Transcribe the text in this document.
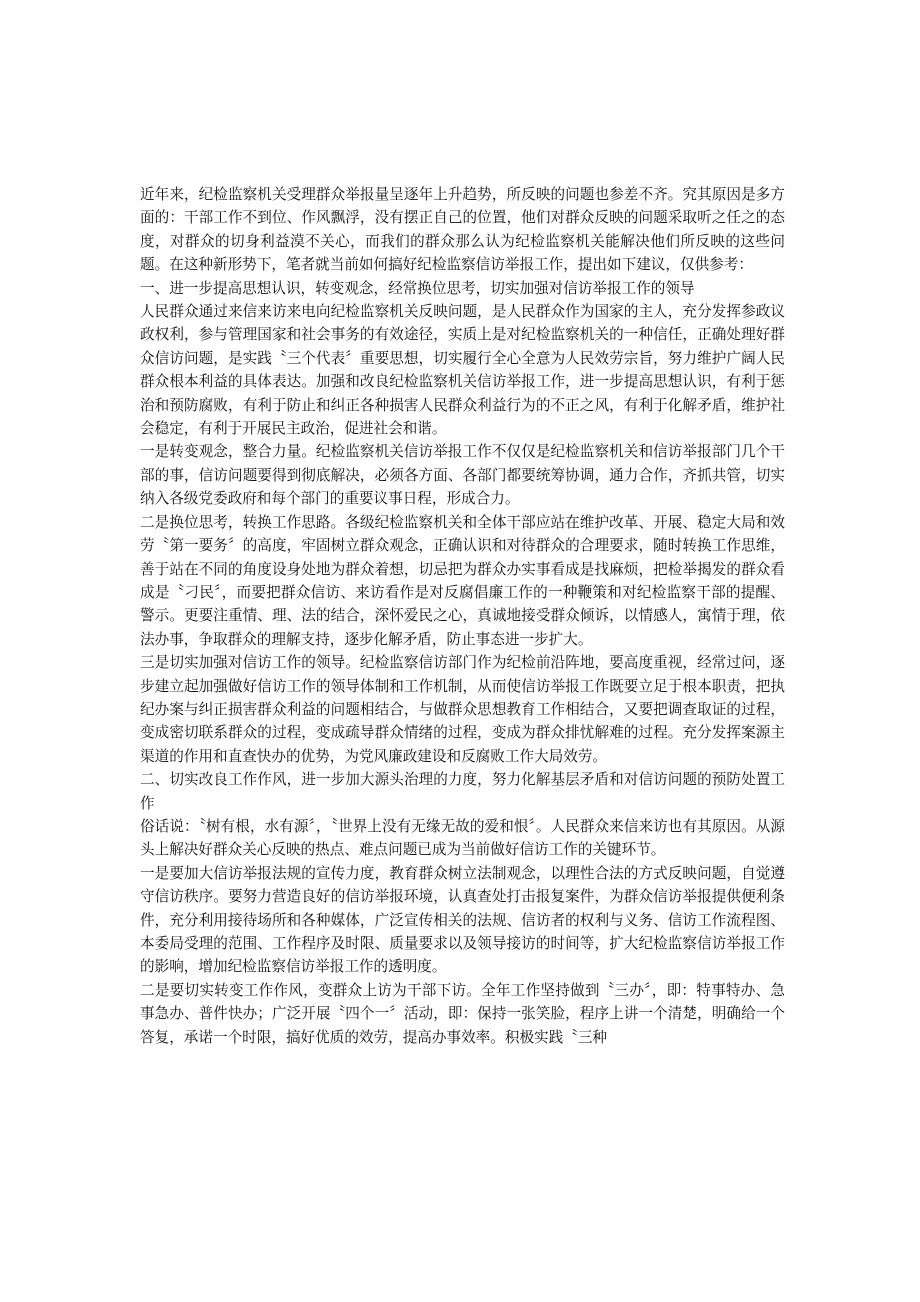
近年来，纪检监察机关受理群众举报量呈逐年上升趋势，所反映的问题也参差不齐。究其原因是多方面的：干部工作不到位、作风飘浮，没有摆正自己的位置，他们对群众反映的问题采取听之任之的态度，对群众的切身利益漠不关心，而我们的群众那么认为纪检监察机关能解决他们所反映的这些问题。在这种新形势下，笔者就当前如何搞好纪检监察信访举报工作，提出如下建议，仅供参考：

一、进一步提高思想认识，转变观念，经常换位思考，切实加强对信访举报工作的领导

人民群众通过来信来访来电向纪检监察机关反映问题，是人民群众作为国家的主人，充分发挥参政议政权利，参与管理国家和社会事务的有效途径，实质上是对纪检监察机关的一种信任，正确处理好群众信访问题，是实践〝三个代表〞重要思想，切实履行全心全意为人民效劳宗旨，努力维护广阔人民群众根本利益的具体表达。加强和改良纪检监察机关信访举报工作，进一步提高思想认识，有利于惩治和预防腐败，有利于防止和纠正各种损害人民群众利益行为的不正之风，有利于化解矛盾，维护社会稳定，有利于开展民主政治，促进社会和谐。

一是转变观念，整合力量。纪检监察机关信访举报工作不仅仅是纪检监察机关和信访举报部门几个干部的事，信访问题要得到彻底解决，必须各方面、各部门都要统筹协调，通力合作，齐抓共管，切实纳入各级党委政府和每个部门的重要议事日程，形成合力。

二是换位思考，转换工作思路。各级纪检监察机关和全体干部应站在维护改革、开展、稳定大局和效劳〝第一要务〞的高度，牢固树立群众观念，正确认识和对待群众的合理要求，随时转换工作思维，善于站在不同的角度设身处地为群众着想，切忌把为群众办实事看成是找麻烦，把检举揭发的群众看成是〝刁民〞，而要把群众信访、来访看作是对反腐倡廉工作的一种鞭策和对纪检监察干部的提醒、警示。更要注重情、理、法的结合，深怀爱民之心，真诚地接受群众倾诉，以情感人，寓情于理，依法办事，争取群众的理解支持，逐步化解矛盾，防止事态进一步扩大。

三是切实加强对信访工作的领导。纪检监察信访部门作为纪检前沿阵地，要高度重视，经常过问，逐步建立起加强做好信访工作的领导体制和工作机制，从而使信访举报工作既要立足于根本职责，把执纪办案与纠正损害群众利益的问题相结合，与做群众思想教育工作相结合，又要把调查取证的过程，变成密切联系群众的过程，变成疏导群众情绪的过程，变成为群众排忧解难的过程。充分发挥案源主渠道的作用和直查快办的优势，为党风廉政建设和反腐败工作大局效劳。

二、切实改良工作作风，进一步加大源头治理的力度，努力化解基层矛盾和对信访问题的预防处置工作

俗话说：〝树有根，水有源〞，〝世界上没有无缘无故的爱和恨〞。人民群众来信来访也有其原因。从源头上解决好群众关心反映的热点、难点问题已成为当前做好信访工作的关键环节。

一是要加大信访举报法规的宣传力度，教育群众树立法制观念，以理性合法的方式反映问题，自觉遵守信访秩序。要努力营造良好的信访举报环境，认真查处打击报复案件，为群众信访举报提供便利条件，充分利用接待场所和各种媒体，广泛宣传相关的法规、信访者的权利与义务、信访工作流程图、本委局受理的范围、工作程序及时限、质量要求以及领导接访的时间等，扩大纪检监察信访举报工作的影响，增加纪检监察信访举报工作的透明度。

二是要切实转变工作作风，变群众上访为干部下访。全年工作坚持做到〝三办〞，即：特事特办、急事急办、普件快办；广泛开展〝四个一〞活动，即：保持一张笑脸，程序上讲一个清楚，明确给一个答复，承诺一个时限，搞好优质的效劳，提高办事效率。积极实践〝三种
